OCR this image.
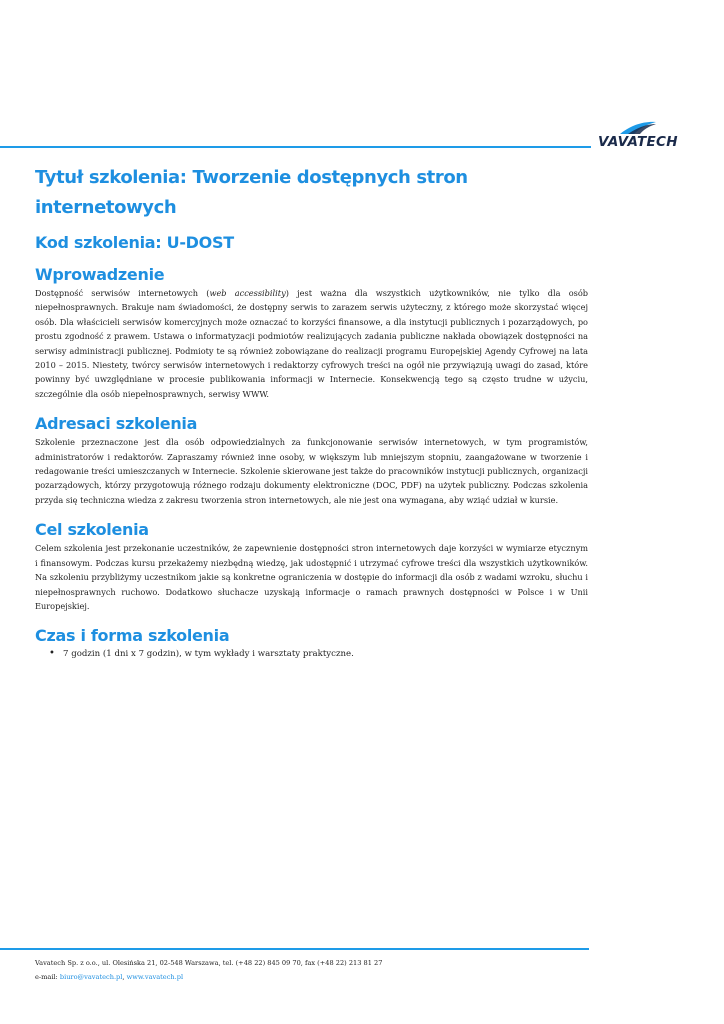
VAVATECH
Tytuł szkolenia: Tworzenie dostępnych stron internetowych
Kod szkolenia: U-DOST
Wprowadzenie

Dostępność serwisów internetowych (web accessibility) jest ważna dla wszystkich użytkowników, nie tylko dla osób niepełnosprawnych. Brakuje nam świadomości, że dostępny serwis to zarazem serwis użyteczny, z którego może skorzystać więcej osób. Dla właścicieli serwisów komercyjnych może oznaczać to korzyści finansowe, a dla instytucji publicznych i pozarządowych, po prostu zgodność z prawem. Ustawa o informatyzacji podmiotów realizujących zadania publiczne nakłada obowiązek dostępności na serwisy administracji publicznej. Podmioty te są również zobowiązane do realizacji programu Europejskiej Agendy Cyfrowej na lata 2010 – 2015. Niestety, twórcy serwisów internetowych i redaktorzy cyfrowych treści na ogół nie przywiązują uwagi do zasad, które powinny być uwzględniane w procesie publikowania informacji w Internecie. Konsekwencją tego są często trudne w użyciu, szczególnie dla osób niepełnosprawnych, serwisy WWW.

Adresaci szkolenia

Szkolenie przeznaczone jest dla osób odpowiedzialnych za funkcjonowanie serwisów internetowych, w tym programistów, administratorów i redaktorów. Zapraszamy również inne osoby, w większym lub mniejszym stopniu, zaangażowane w tworzenie i redagowanie treści umieszczanych w Internecie. Szkolenie skierowane jest także do pracowników instytucji publicznych, organizacji pozarządowych, którzy przygotowują różnego rodzaju dokumenty elektroniczne (DOC, PDF) na użytek publiczny. Podczas szkolenia przyda się techniczna wiedza z zakresu tworzenia stron internetowych, ale nie jest ona wymagana, aby wziąć udział w kursie.

Cel szkolenia

Celem szkolenia jest przekonanie uczestników, że zapewnienie dostępności stron internetowych daje korzyści w wymiarze etycznym i finansowym. Podczas kursu przekażemy niezbędną wiedzę, jak udostępnić i utrzymać cyfrowe treści dla wszystkich użytkowników. Na szkoleniu przybliżymy uczestnikom jakie są konkretne ograniczenia w dostępie do informacji dla osób z wadami wzroku, słuchu i niepełnosprawnych ruchowo. Dodatkowo słuchacze uzyskają informacje o ramach prawnych dostępności w Polsce i w Unii Europejskiej.

Czas i forma szkolenia
• 7 godzin (1 dni x 7 godzin), w tym wykłady i warsztaty praktyczne.
Vavatech Sp. z o.o., ul. Olesińska 21, 02-548 Warszawa, tel. (+48 22) 845 09 70, fax (+48 22) 213 81 27
e-mail: biuro@vavatech.pl, www.vavatech.pl
